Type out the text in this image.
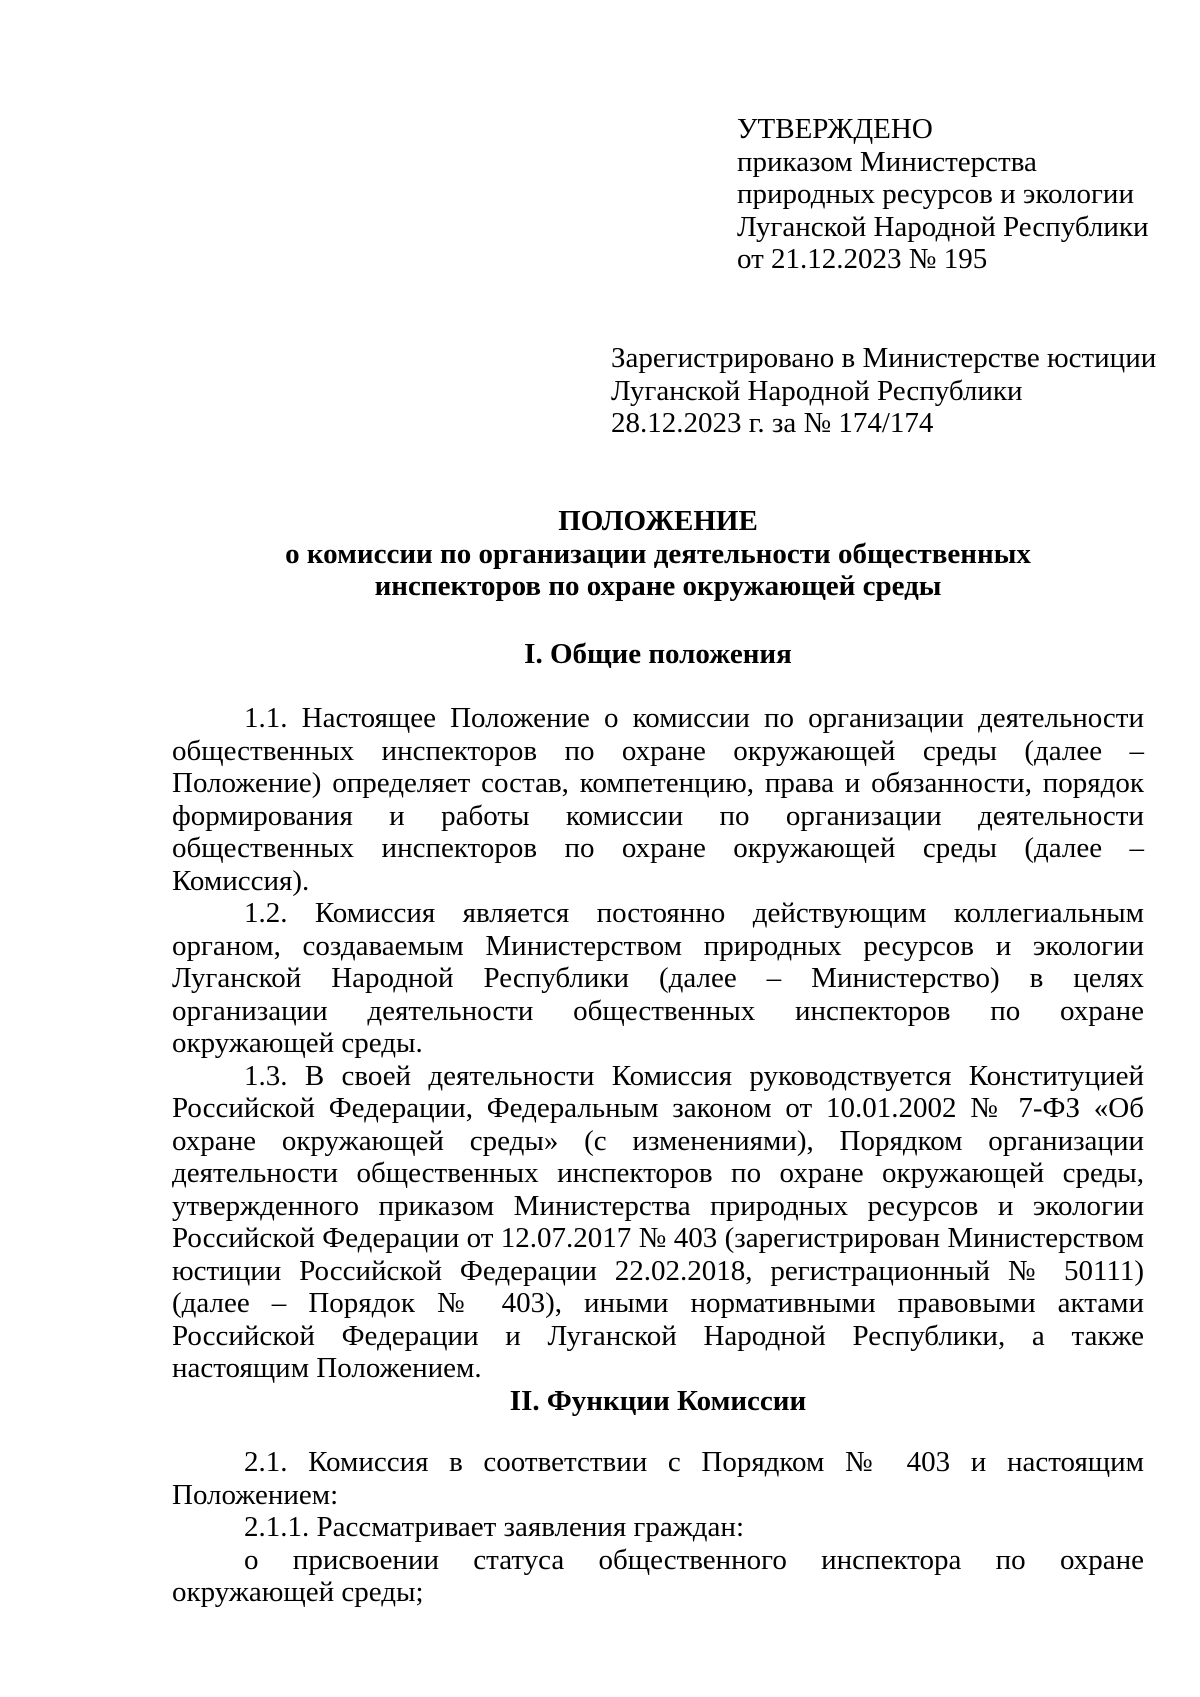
УТВЕРЖДЕНО
приказом Министерства
природных ресурсов и экологии
Луганской Народной Республики
от 21.12.2023 № 195
Зарегистрировано в Министерстве юстиции
Луганской Народной Республики
28.12.2023 г. за № 174/174
ПОЛОЖЕНИЕ
о комиссии по организации деятельности общественных
инспекторов по охране окружающей среды
I. Общие положения

1.1. Настоящее Положение о комиссии по организации деятельности общественных инспекторов по охране окружающей среды (далее – Положение) определяет состав, компетенцию, права и обязанности, порядок формирования и работы комиссии по организации деятельности общественных инспекторов по охране окружающей среды (далее – Комиссия).

1.2. Комиссия является постоянно действующим коллегиальным органом, создаваемым Министерством природных ресурсов и экологии Луганской Народной Республики (далее – Министерство) в целях организации деятельности общественных инспекторов по охране окружающей среды.

1.3. В своей деятельности Комиссия руководствуется Конституцией Российской Федерации, Федеральным законом от 10.01.2002 № 7-ФЗ «Об охране окружающей среды» (с изменениями), Порядком организации деятельности общественных инспекторов по охране окружающей среды, утвержденного приказом Министерства природных ресурсов и экологии Российской Федерации от 12.07.2017 № 403 (зарегистрирован Министерством юстиции Российской Федерации 22.02.2018, регистрационный № 50111) (далее – Порядок № 403), иными нормативными правовыми актами Российской Федерации и Луганской Народной Республики, а также настоящим Положением.

II. Функции Комиссии

2.1. Комиссия в соответствии с Порядком № 403 и настоящим Положением:

2.1.1. Рассматривает заявления граждан:

о присвоении статуса общественного инспектора по охране окружающей среды;
